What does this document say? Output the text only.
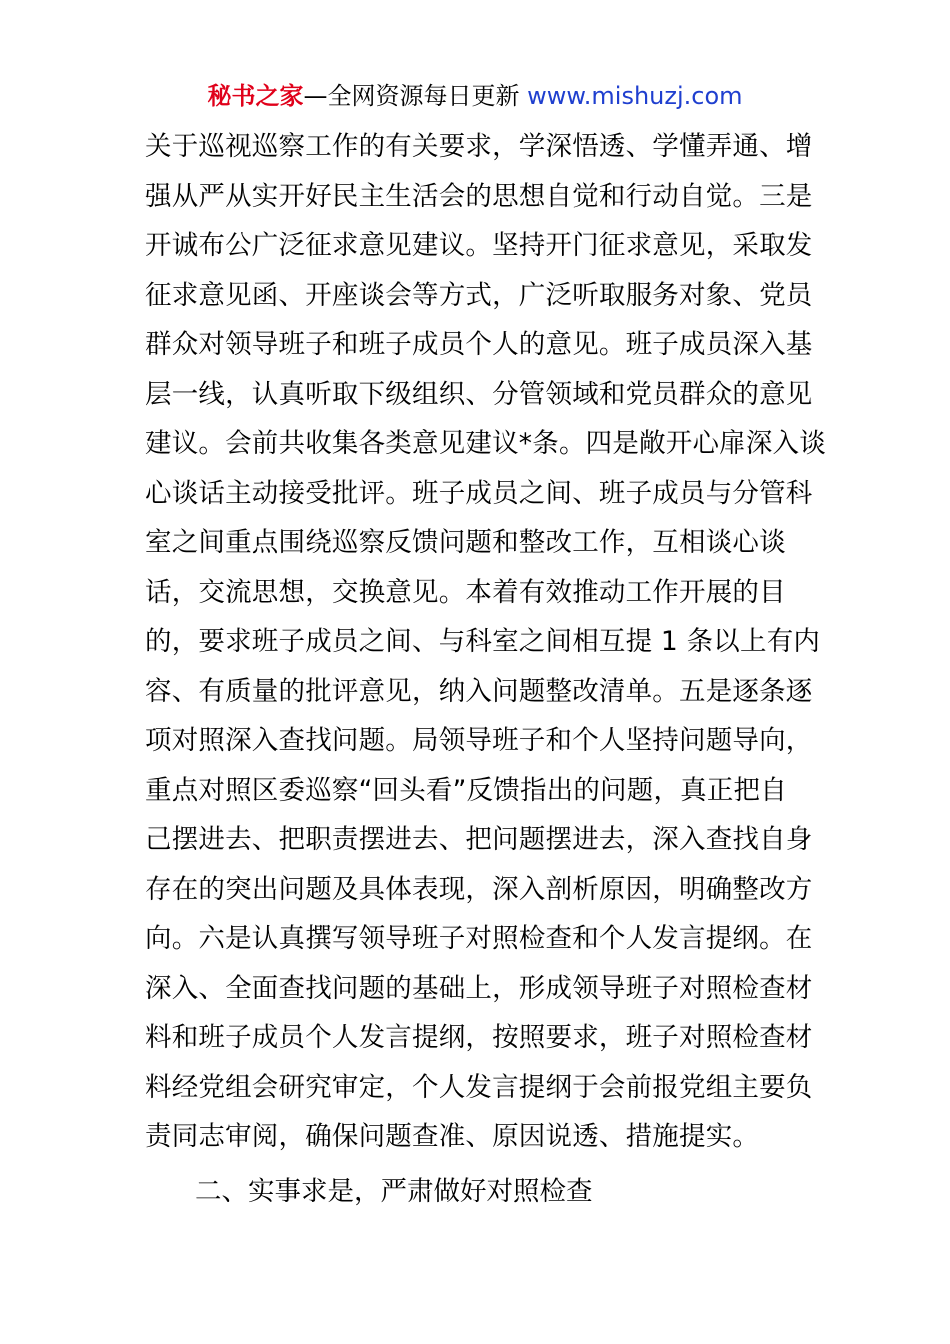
秘书之家—全网资源每日更新 www.mishuzj.com
关于巡视巡察工作的有关要求，学深悟透、学懂弄通、增
强从严从实开好民主生活会的思想自觉和行动自觉。三是
开诚布公广泛征求意见建议。坚持开门征求意见，采取发
征求意见函、开座谈会等方式，广泛听取服务对象、党员
群众对领导班子和班子成员个人的意见。班子成员深入基
层一线，认真听取下级组织、分管领域和党员群众的意见
建议。会前共收集各类意见建议*条。四是敞开心扉深入谈
心谈话主动接受批评。班子成员之间、班子成员与分管科
室之间重点围绕巡察反馈问题和整改工作，互相谈心谈
话，交流思想，交换意见。本着有效推动工作开展的目
的，要求班子成员之间、与科室之间相互提 1 条以上有内
容、有质量的批评意见，纳入问题整改清单。五是逐条逐
项对照深入查找问题。局领导班子和个人坚持问题导向，
重点对照区委巡察“回头看”反馈指出的问题，真正把自
己摆进去、把职责摆进去、把问题摆进去，深入查找自身
存在的突出问题及具体表现，深入剖析原因，明确整改方
向。六是认真撰写领导班子对照检查和个人发言提纲。在
深入、全面查找问题的基础上，形成领导班子对照检查材
料和班子成员个人发言提纲，按照要求，班子对照检查材
料经党组会研究审定，个人发言提纲于会前报党组主要负
责同志审阅，确保问题查准、原因说透、措施提实。
二、实事求是，严肃做好对照检查
